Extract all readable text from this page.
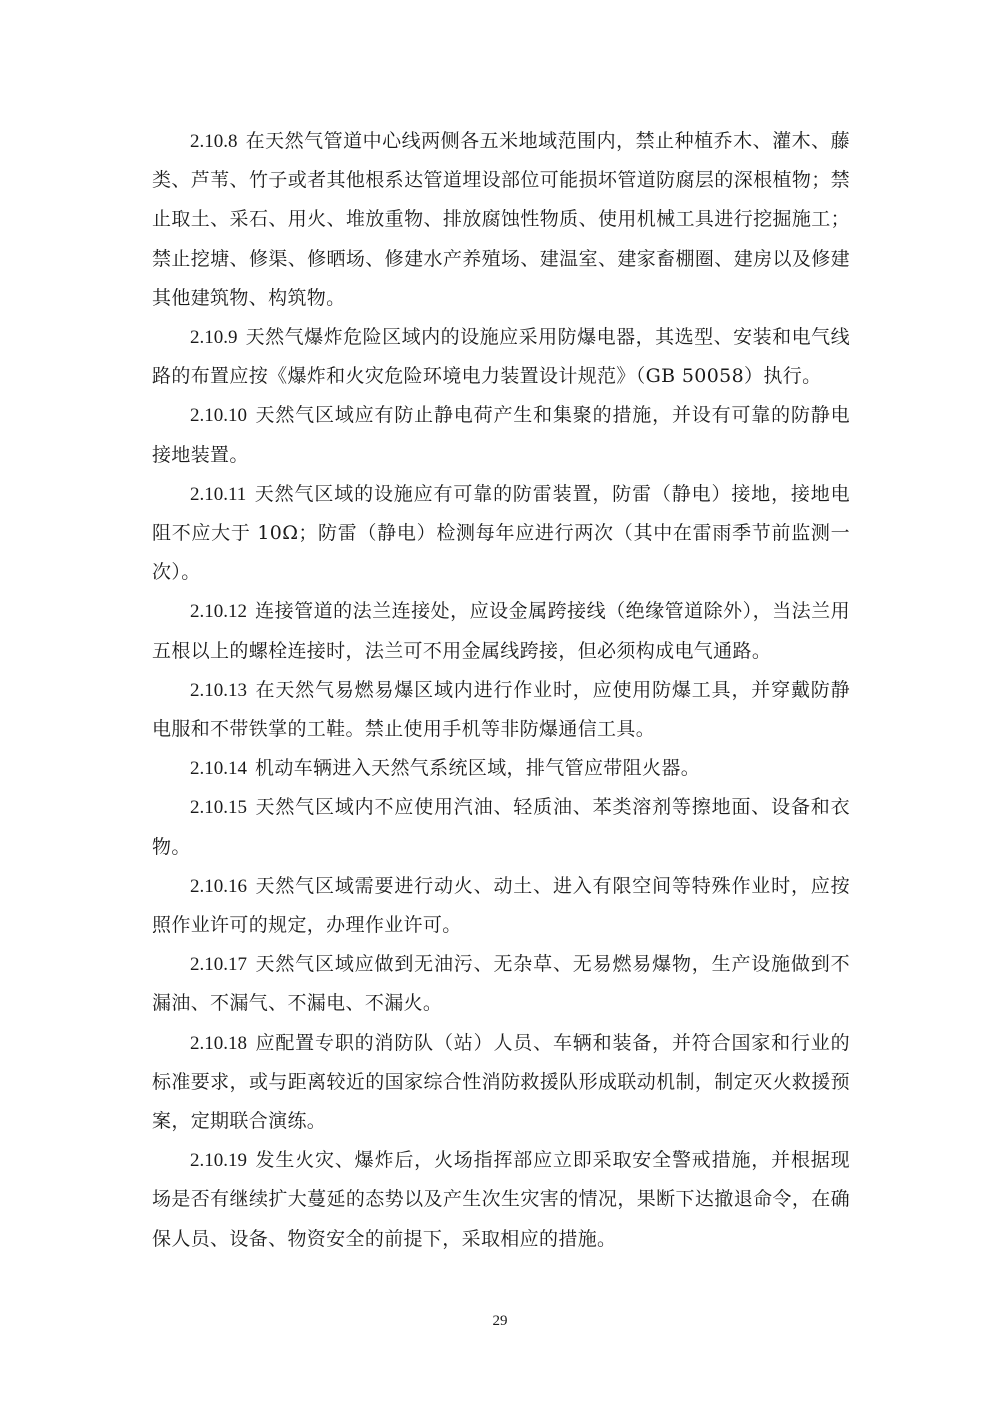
2.10.8 在天然气管道中心线两侧各五米地域范围内，禁止种植乔木、灌木、藤类、芦苇、竹子或者其他根系达管道埋设部位可能损坏管道防腐层的深根植物；禁止取土、采石、用火、堆放重物、排放腐蚀性物质、使用机械工具进行挖掘施工；禁止挖塘、修渠、修晒场、修建水产养殖场、建温室、建家畜棚圈、建房以及修建其他建筑物、构筑物。

2.10.9 天然气爆炸危险区域内的设施应采用防爆电器，其选型、安装和电气线路的布置应按《爆炸和火灾危险环境电力装置设计规范》（GB 50058）执行。

2.10.10 天然气区域应有防止静电荷产生和集聚的措施，并设有可靠的防静电接地装置。

2.10.11 天然气区域的设施应有可靠的防雷装置，防雷（静电）接地，接地电阻不应大于 10Ω；防雷（静电）检测每年应进行两次（其中在雷雨季节前监测一次）。

2.10.12 连接管道的法兰连接处，应设金属跨接线（绝缘管道除外），当法兰用五根以上的螺栓连接时，法兰可不用金属线跨接，但必须构成电气通路。

2.10.13 在天然气易燃易爆区域内进行作业时，应使用防爆工具，并穿戴防静电服和不带铁掌的工鞋。禁止使用手机等非防爆通信工具。

2.10.14 机动车辆进入天然气系统区域，排气管应带阻火器。

2.10.15 天然气区域内不应使用汽油、轻质油、苯类溶剂等擦地面、设备和衣物。

2.10.16 天然气区域需要进行动火、动土、进入有限空间等特殊作业时，应按照作业许可的规定，办理作业许可。

2.10.17 天然气区域应做到无油污、无杂草、无易燃易爆物，生产设施做到不漏油、不漏气、不漏电、不漏火。

2.10.18 应配置专职的消防队（站）人员、车辆和装备，并符合国家和行业的标准要求，或与距离较近的国家综合性消防救援队形成联动机制，制定灭火救援预案，定期联合演练。

2.10.19 发生火灾、爆炸后，火场指挥部应立即采取安全警戒措施，并根据现场是否有继续扩大蔓延的态势以及产生次生灾害的情况，果断下达撤退命令，在确保人员、设备、物资安全的前提下，采取相应的措施。

29
